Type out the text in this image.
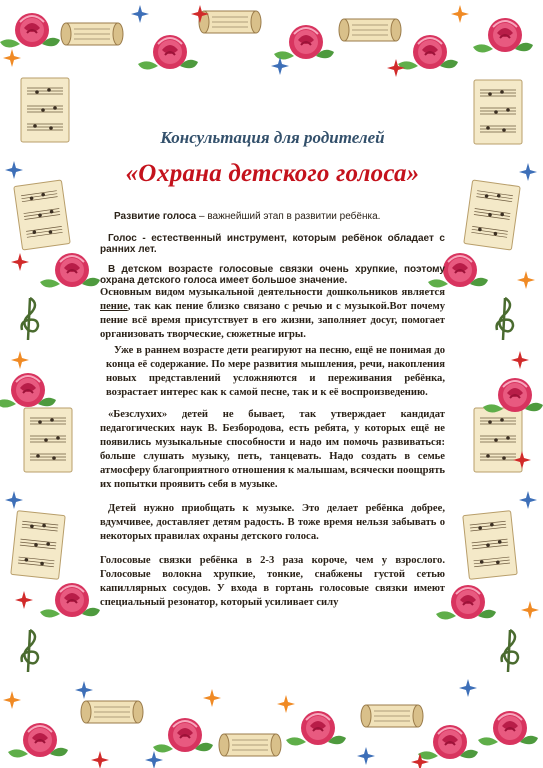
Консультация для родителей
«Охрана детского голоса»

Развитие голоса – важнейший этап в развитии ребёнка.

Голос - естественный инструмент, которым ребёнок обладает с ранних лет.

В детском возрасте голосовые связки очень хрупкие, поэтому охрана детского голоса имеет большое значение.

Основным видом музыкальной деятельности дошкольников является пение, так как пение близко связано с речью и с музыкой.Вот почему пение всё время присутствует в его жизни, заполняет досуг, помогает организовать творческие, сюжетные игры.

Уже в раннем возрасте дети реагируют на песню, ещё не понимая до конца её содержание. По мере развития мышления, речи, накопления новых представлений усложняются и переживания ребёнка, возрастает интерес как к самой песне, так и к её воспроизведению.

«Безслухих» детей не бывает, так утверждает кандидат педагогических наук В. Безбородова, есть ребята, у которых ещё не появились музыкальные способности и надо им помочь развиваться: больше слушать музыку, петь, танцевать. Надо создать в семье атмосферу благоприятного отношения к малышам, всячески поощрять их попытки проявить себя в музыке.

Детей нужно приобщать к музыке. Это делает ребёнка добрее, вдумчивее, доставляет детям радость. В тоже время нельзя забывать о некоторых правилах охраны детского голоса.

Голосовые связки ребёнка в 2-3 раза короче, чем у взрослого. Голосовые волокна хрупкие, тонкие, снабжены густой сетью капиллярных сосудов. У входа в гортань голосовые связки имеют специальный резонатор, который усиливает силу
